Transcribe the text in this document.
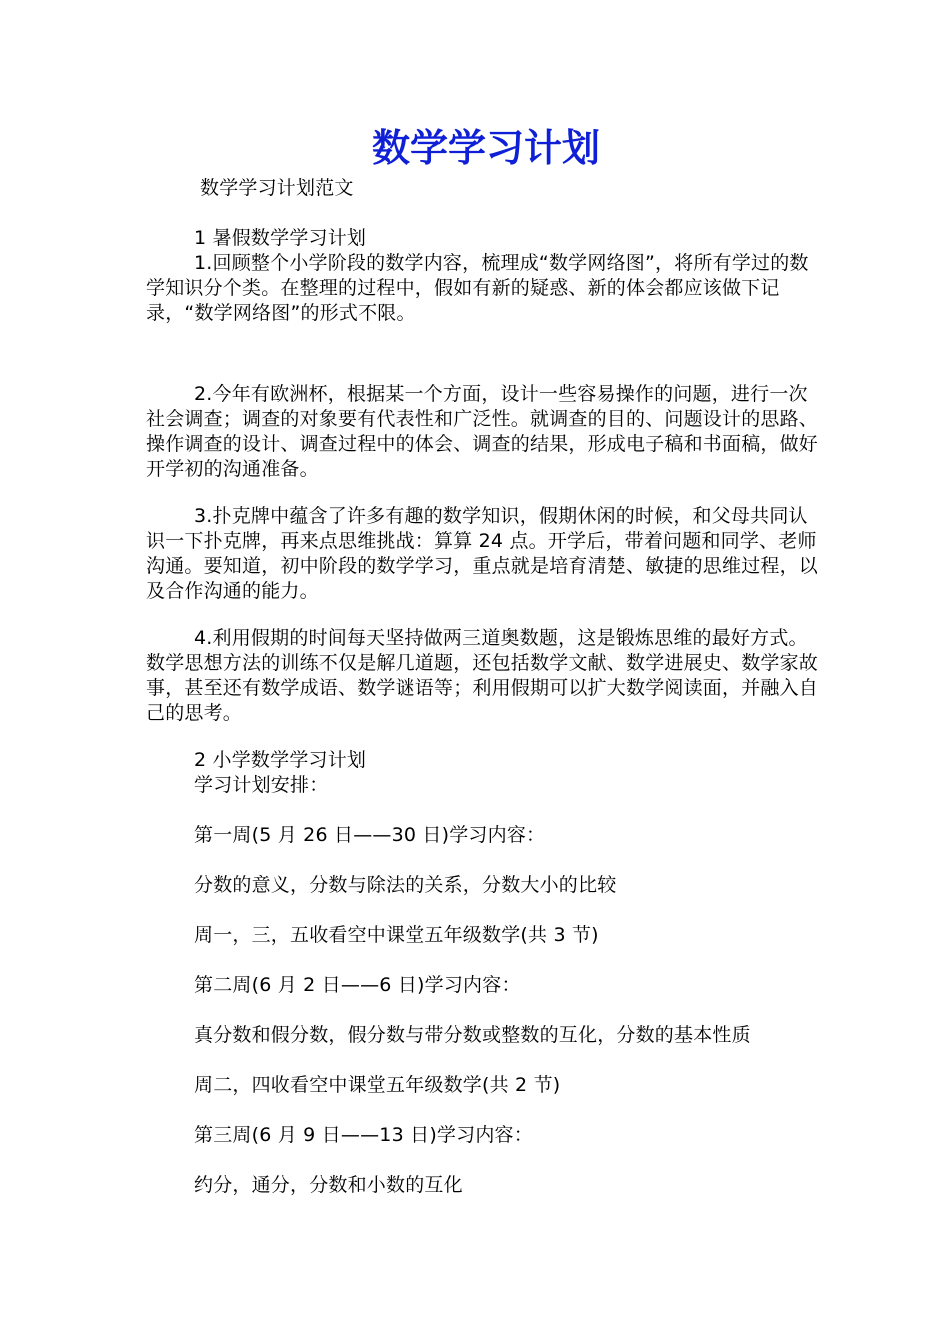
数学学习计划

数学学习计划范文

1 暑假数学学习计划

1.回顾整个小学阶段的数学内容，梳理成“数学网络图”，将所有学过的数学知识分个类。在整理的过程中，假如有新的疑惑、新的体会都应该做下记录，“数学网络图”的形式不限。

2.今年有欧洲杯，根据某一个方面，设计一些容易操作的问题，进行一次社会调查；调查的对象要有代表性和广泛性。就调查的目的、问题设计的思路、操作调查的设计、调查过程中的体会、调查的结果，形成电子稿和书面稿，做好开学初的沟通准备。

3.扑克牌中蕴含了许多有趣的数学知识，假期休闲的时候，和父母共同认识一下扑克牌，再来点思维挑战：算算 24 点。开学后，带着问题和同学、老师沟通。要知道，初中阶段的数学学习，重点就是培育清楚、敏捷的思维过程，以及合作沟通的能力。

4.利用假期的时间每天坚持做两三道奥数题，这是锻炼思维的最好方式。数学思想方法的训练不仅是解几道题，还包括数学文献、数学进展史、数学家故事，甚至还有数学成语、数学谜语等；利用假期可以扩大数学阅读面，并融入自己的思考。

2 小学数学学习计划

学习计划安排：

第一周(5 月 26 日——30 日)学习内容：

分数的意义，分数与除法的关系，分数大小的比较

周一，三，五收看空中课堂五年级数学(共 3 节)

第二周(6 月 2 日——6 日)学习内容：

真分数和假分数，假分数与带分数或整数的互化，分数的基本性质

周二，四收看空中课堂五年级数学(共 2 节)

第三周(6 月 9 日——13 日)学习内容：

约分，通分，分数和小数的互化
